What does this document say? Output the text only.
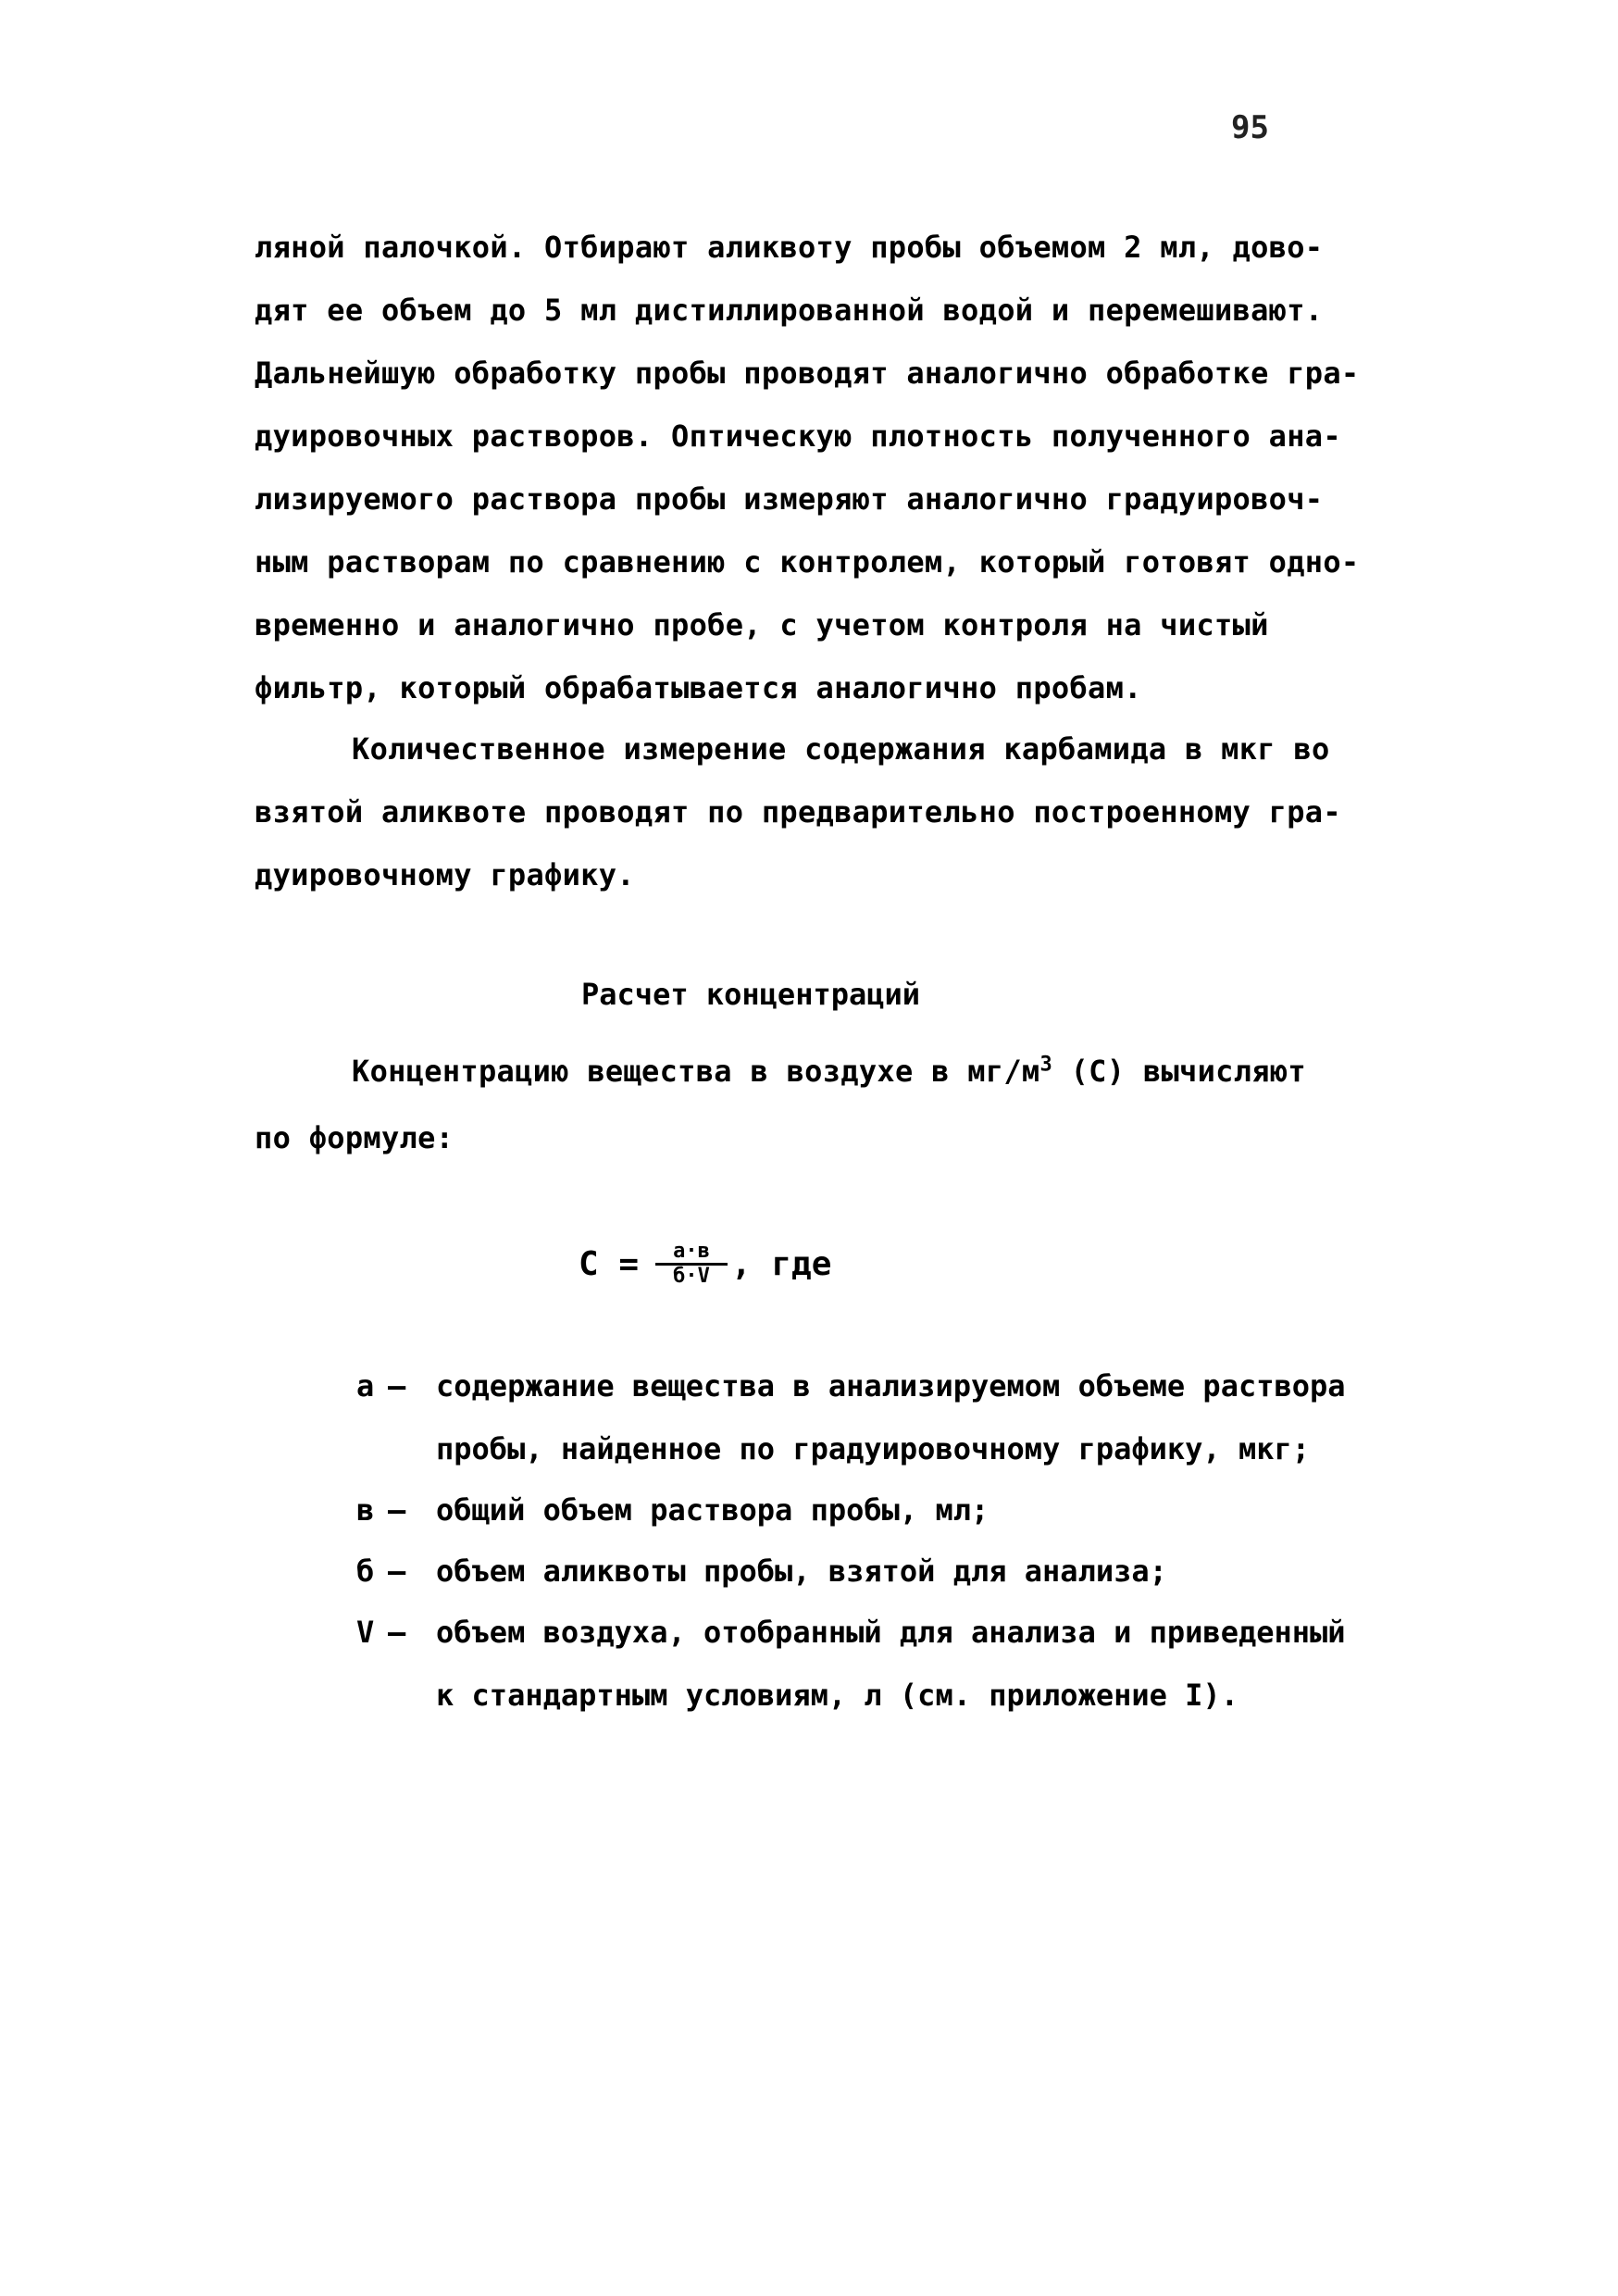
95
ляной палочкой. Отбирают аликвоту пробы объемом 2 мл, дово-
дят ее объем до 5 мл дистиллированной водой и перемешивают.
Дальнейшую обработку пробы проводят аналогично обработке гра-
дуировочных растворов. Оптическую плотность полученного ана-
лизируемого раствора пробы измеряют аналогично градуировоч-
ным растворам по сравнению с контролем, который готовят одно-
временно и аналогично пробе, с учетом контроля на чистый
фильтр, который обрабатывается аналогично пробам.
Количественное измерение содержания карбамида в мкг во
взятой аликвоте проводят по предварительно построенному гра-
дуировочному графику.
Расчет концентраций
Концентрацию вещества в воздухе в $мг/м^3$ (С) вычисляют
по формуле:
$С = \frac{а\cdot в}{б\cdot V}$ , где
а – содержание вещества в анализируемом объеме раствора
пробы, найденное по градуировочному графику, мкг;
в – общий объем раствора пробы, мл;
б – объем аликвоты пробы, взятой для анализа;
V – объем воздуха, отобранный для анализа и приведенный
к стандартным условиям, л (см. приложение I).
